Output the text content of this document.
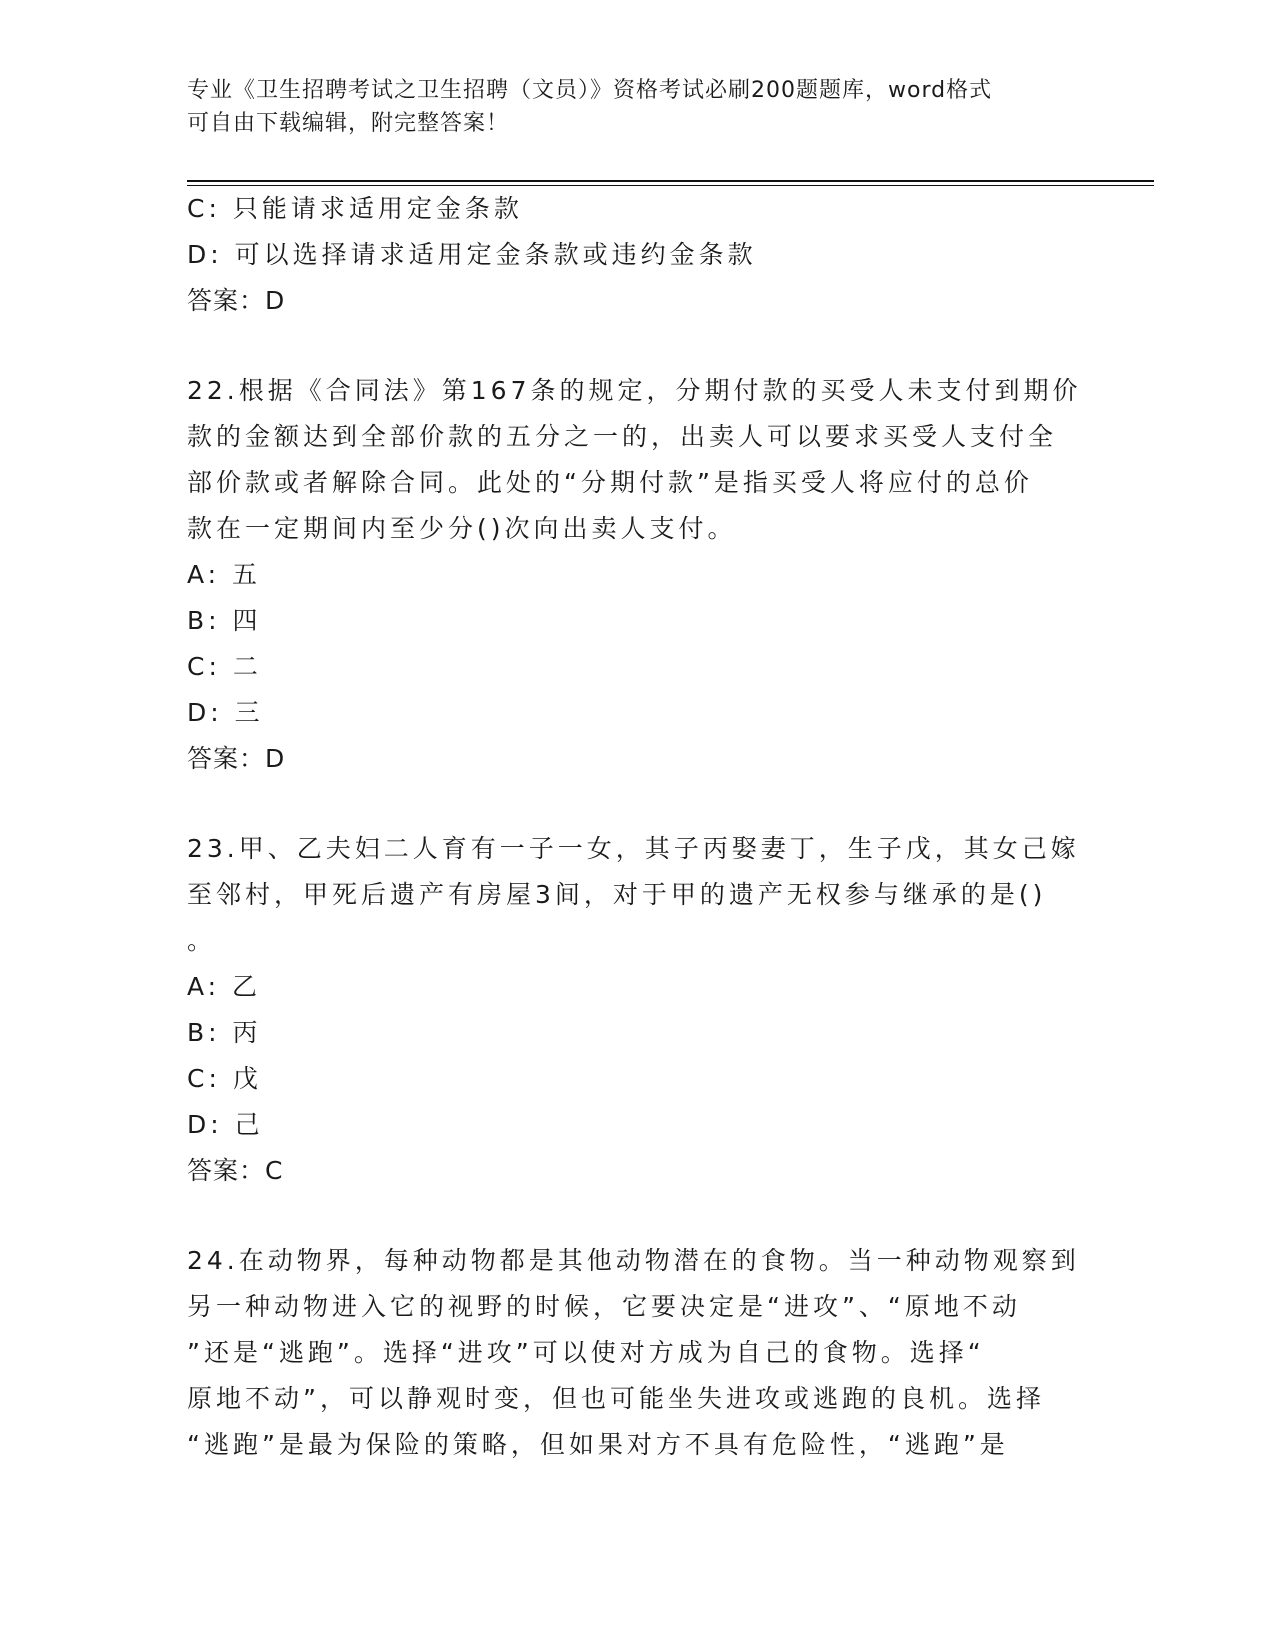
专业《卫生招聘考试之卫生招聘（文员）》资格考试必刷200题题库，word格式
可自由下载编辑，附完整答案！
C: 只能请求适用定金条款
D: 可以选择请求适用定金条款或违约金条款
答案：D
22.根据《合同法》第167条的规定，分期付款的买受人未支付到期价
款的金额达到全部价款的五分之一的，出卖人可以要求买受人支付全
部价款或者解除合同。此处的“分期付款”是指买受人将应付的总价
款在一定期间内至少分()次向出卖人支付。
A: 五
B: 四
C: 二
D: 三
答案：D
23.甲、乙夫妇二人育有一子一女，其子丙娶妻丁，生子戊，其女己嫁
至邻村，甲死后遗产有房屋3间，对于甲的遗产无权参与继承的是()
。
A: 乙
B: 丙
C: 戊
D: 己
答案：C
24.在动物界，每种动物都是其他动物潜在的食物。当一种动物观察到
另一种动物进入它的视野的时候，它要决定是“进攻”、“原地不动
”还是“逃跑”。选择“进攻”可以使对方成为自己的食物。选择“
原地不动”，可以静观时变，但也可能坐失进攻或逃跑的良机。选择
“逃跑”是最为保险的策略，但如果对方不具有危险性，“逃跑”是
